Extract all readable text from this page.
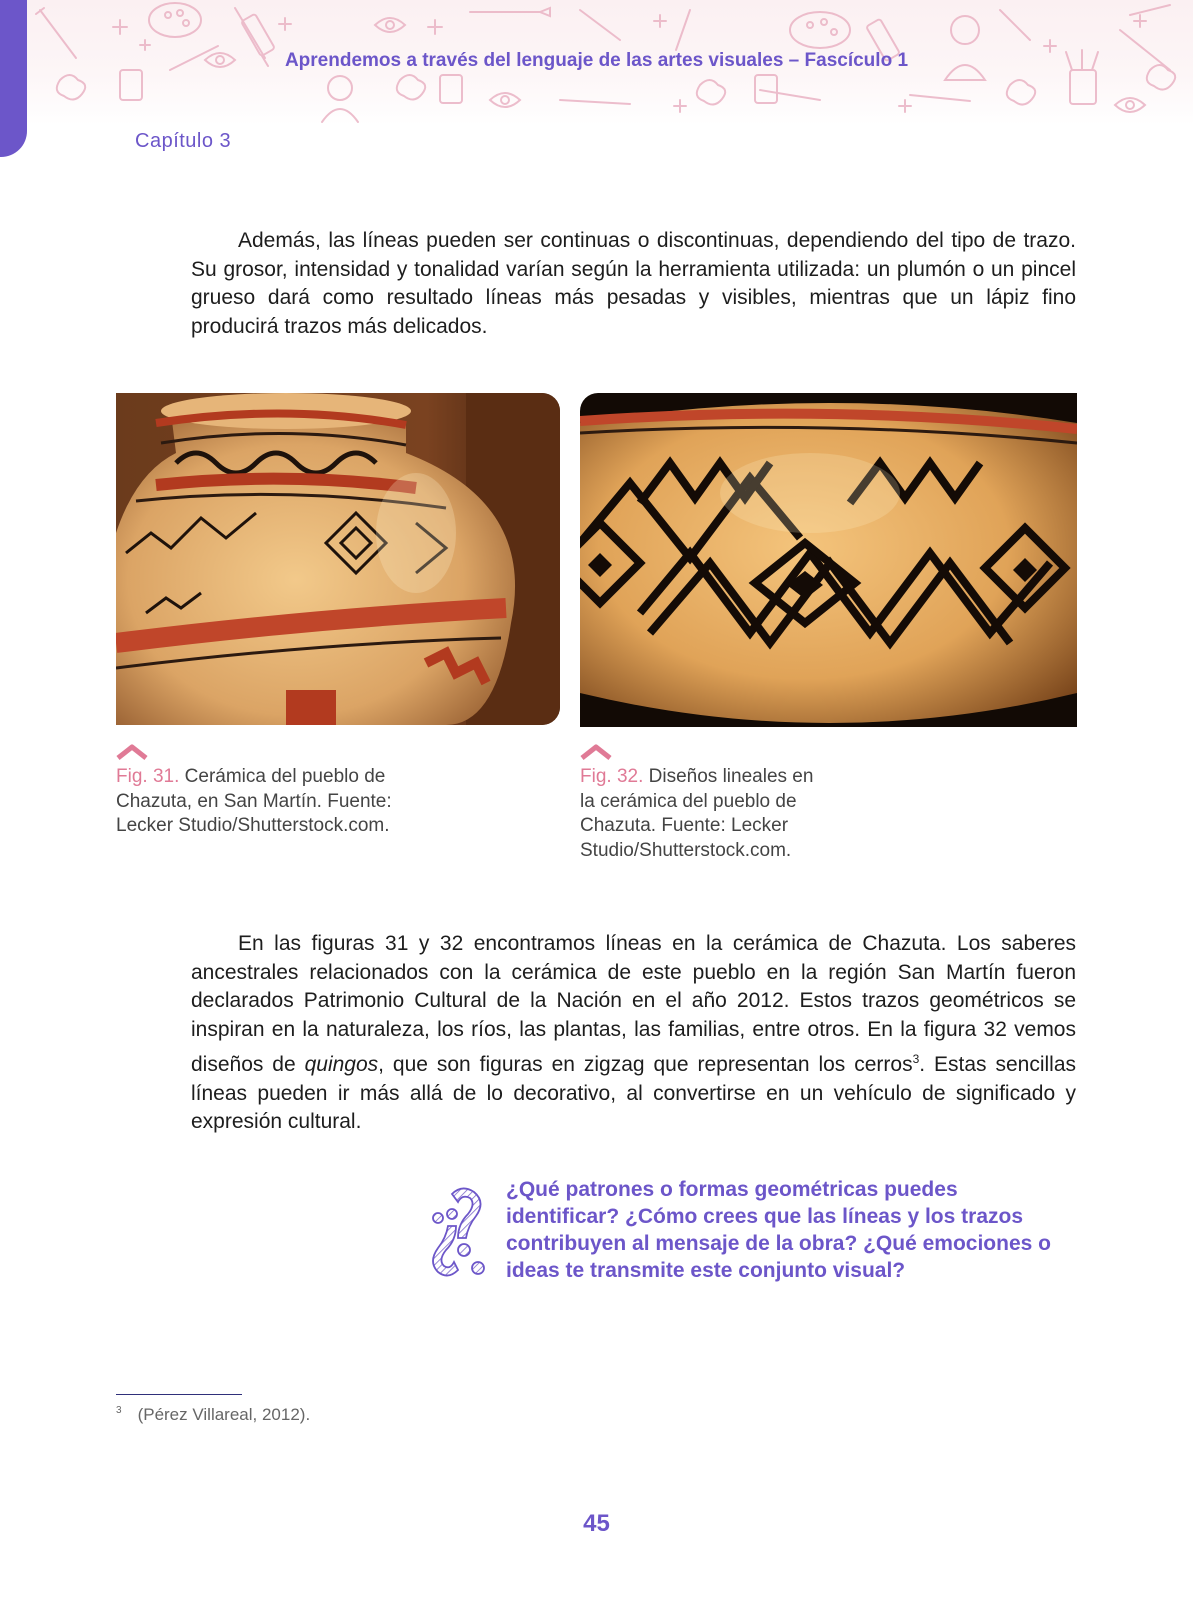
Aprendemos a través del lenguaje de las artes visuales – Fascículo 1
Capítulo 3

Además, las líneas pueden ser continuas o discontinuas, dependiendo del tipo de trazo. Su grosor, intensidad y tonalidad varían según la herramienta utilizada: un plumón o un pincel grueso dará como resultado líneas más pesadas y visibles, mientras que un lápiz fino producirá trazos más delicados.

Fig. 31. Cerámica del pueblo de Chazuta, en San Martín. Fuente: Lecker Studio/Shutterstock.com.

Fig. 32. Diseños lineales en la cerámica del pueblo de Chazuta. Fuente: Lecker Studio/Shutterstock.com.

En las figuras 31 y 32 encontramos líneas en la cerámica de Chazuta. Los saberes ancestrales relacionados con la cerámica de este pueblo en la región San Martín fueron declarados Patrimonio Cultural de la Nación en el año 2012. Estos trazos geométricos se inspiran en la naturaleza, los ríos, las plantas, las familias, entre otros. En la figura 32 vemos diseños de quingos, que son figuras en zigzag que representan los cerros$^3$. Estas sencillas líneas pueden ir más allá de lo decorativo, al convertirse en un vehículo de significado y expresión cultural.

¿Qué patrones o formas geométricas puedes identificar? ¿Cómo crees que las líneas y los trazos contribuyen al mensaje de la obra? ¿Qué emociones o ideas te transmite este conjunto visual?

$^3$ (Pérez Villareal, 2012).
45
